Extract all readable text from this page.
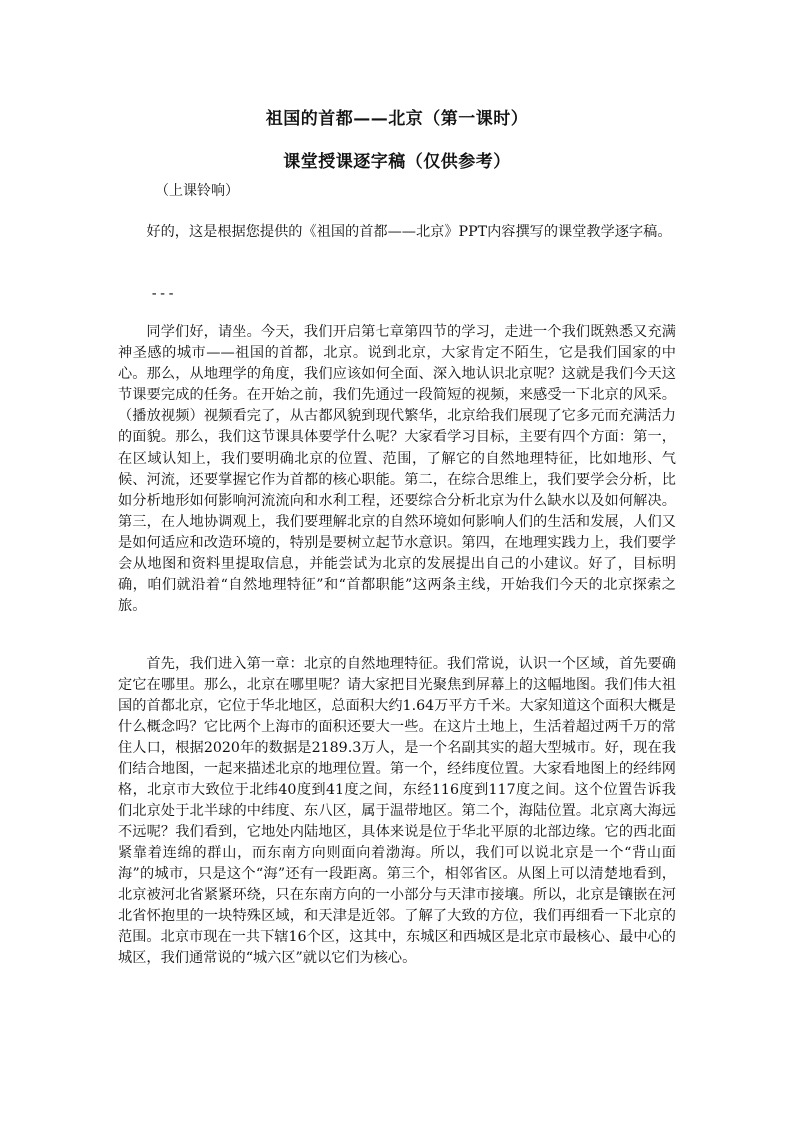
祖国的首都——北京（第一课时）
课堂授课逐字稿（仅供参考）
（上课铃响）

好的，这是根据您提供的《祖国的首都——北京》PPT内容撰写的课堂教学逐字稿。

---

同学们好，请坐。今天，我们开启第七章第四节的学习，走进一个我们既熟悉又充满神圣感的城市——祖国的首都，北京。说到北京，大家肯定不陌生，它是我们国家的中心。那么，从地理学的角度，我们应该如何全面、深入地认识北京呢？这就是我们今天这节课要完成的任务。在开始之前，我们先通过一段简短的视频，来感受一下北京的风采。（播放视频）视频看完了，从古都风貌到现代繁华，北京给我们展现了它多元而充满活力的面貌。那么，我们这节课具体要学什么呢？大家看学习目标，主要有四个方面：第一，在区域认知上，我们要明确北京的位置、范围，了解它的自然地理特征，比如地形、气候、河流，还要掌握它作为首都的核心职能。第二，在综合思维上，我们要学会分析，比如分析地形如何影响河流流向和水利工程，还要综合分析北京为什么缺水以及如何解决。第三，在人地协调观上，我们要理解北京的自然环境如何影响人们的生活和发展，人们又是如何适应和改造环境的，特别是要树立起节水意识。第四，在地理实践力上，我们要学会从地图和资料里提取信息，并能尝试为北京的发展提出自己的小建议。好了，目标明确，咱们就沿着“自然地理特征”和“首都职能”这两条主线，开始我们今天的北京探索之旅。

首先，我们进入第一章：北京的自然地理特征。我们常说，认识一个区域，首先要确定它在哪里。那么，北京在哪里呢？请大家把目光聚焦到屏幕上的这幅地图。我们伟大祖国的首都北京，它位于华北地区，总面积大约1.64万平方千米。大家知道这个面积大概是什么概念吗？它比两个上海市的面积还要大一些。在这片土地上，生活着超过两千万的常住人口，根据2020年的数据是2189.3万人，是一个名副其实的超大型城市。好，现在我们结合地图，一起来描述北京的地理位置。第一个，经纬度位置。大家看地图上的经纬网格，北京市大致位于北纬40度到41度之间，东经116度到117度之间。这个位置告诉我们北京处于北半球的中纬度、东八区，属于温带地区。第二个，海陆位置。北京离大海远不远呢？我们看到，它地处内陆地区，具体来说是位于华北平原的北部边缘。它的西北面紧靠着连绵的群山，而东南方向则面向着渤海。所以，我们可以说北京是一个“背山面海”的城市，只是这个“海”还有一段距离。第三个，相邻省区。从图上可以清楚地看到，北京被河北省紧紧环绕，只在东南方向的一小部分与天津市接壤。所以，北京是镶嵌在河北省怀抱里的一块特殊区域，和天津是近邻。了解了大致的方位，我们再细看一下北京的范围。北京市现在一共下辖16个区，这其中，东城区和西城区是北京市最核心、最中心的城区，我们通常说的“城六区”就以它们为核心。
